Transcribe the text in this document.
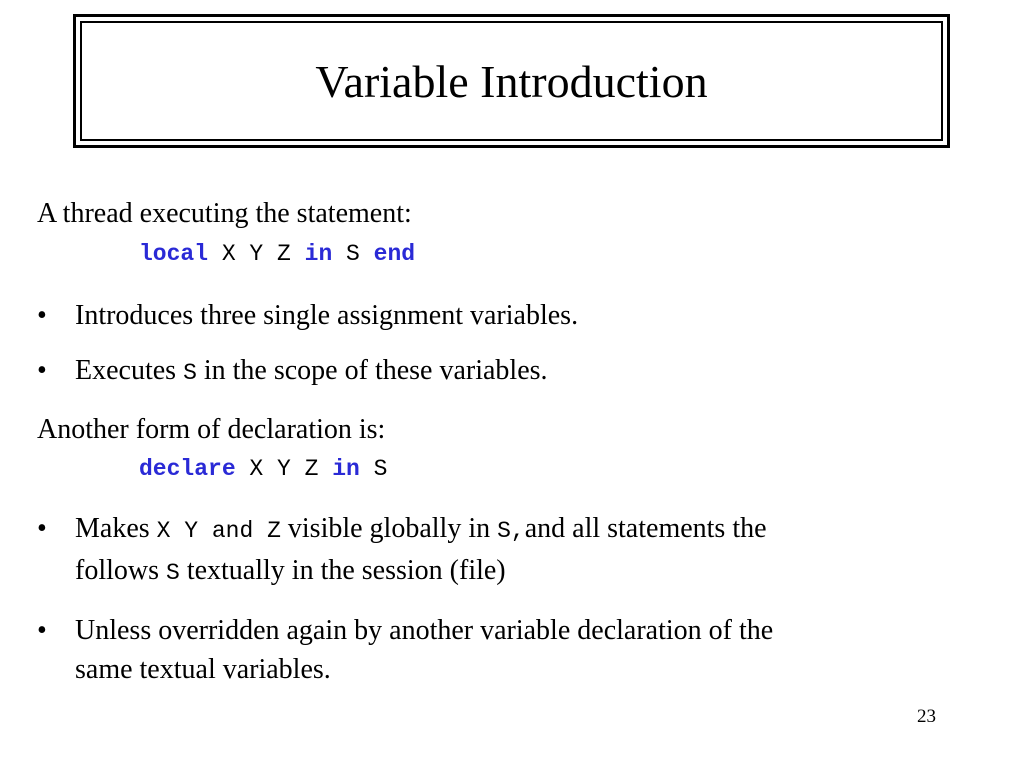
Variable Introduction
A thread executing the statement:
local X Y Z in S end
• Introduces three single assignment variables.
• Executes S in the scope of these variables.
Another form of declaration is:
declare X Y Z in S
• Makes X Y and Z visible globally in S,and all statements the
follows S textually in the session (file)
• Unless overridden again by another variable declaration of the
same textual variables.
23
